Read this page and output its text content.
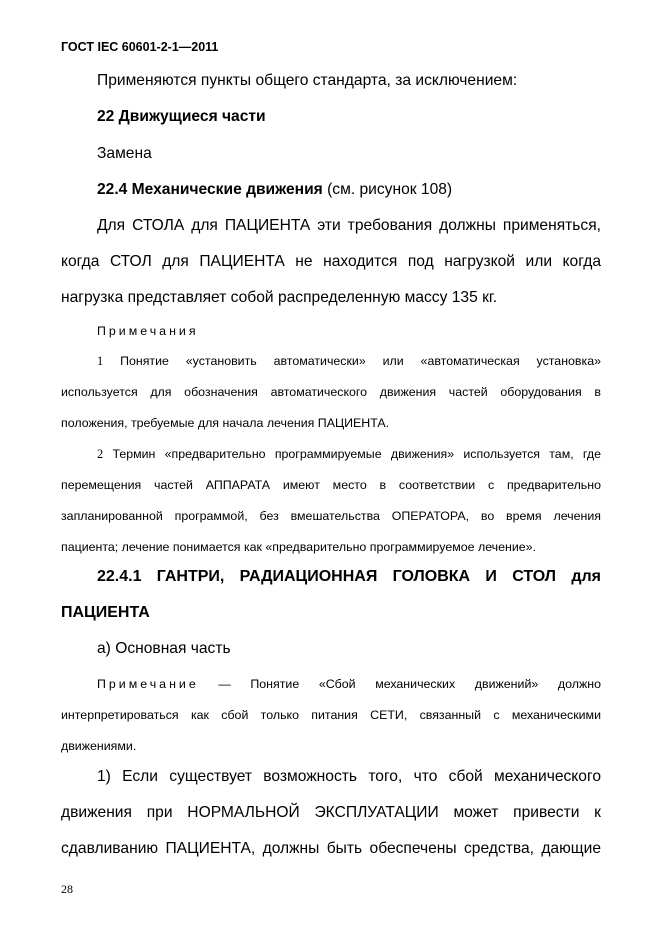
ГОСТ IEC 60601-2-1—2011
Применяются пункты общего стандарта, за исключением:
22 Движущиеся части
Замена
22.4 Механические движения (см. рисунок 108)
Для СТОЛА для ПАЦИЕНТА эти требования должны применяться,
когда СТОЛ для ПАЦИЕНТА не находится под нагрузкой или когда
нагрузка представляет собой распределенную массу 135 кг.
Примечания
1 Понятие «установить автоматически» или «автоматическая установка»
используется для обозначения автоматического движения частей оборудования в
положения, требуемые для начала лечения ПАЦИЕНТА.
2 Термин «предварительно программируемые движения» используется там, где
перемещения частей АППАРАТА имеют место в соответствии с предварительно
запланированной программой, без вмешательства ОПЕРАТОРА, во время лечения
пациента; лечение понимается как «предварительно программируемое лечение».
22.4.1 ГАНТРИ, РАДИАЦИОННАЯ ГОЛОВКА И СТОЛ для
ПАЦИЕНТА
а) Основная часть
Примечание — Понятие «Сбой механических движений» должно
интерпретироваться как сбой только питания СЕТИ, связанный с механическими
движениями.
1) Если существует возможность того, что сбой механического
движения при НОРМАЛЬНОЙ ЭКСПЛУАТАЦИИ может привести к
сдавливанию ПАЦИЕНТА, должны быть обеспечены средства, дающие
28
